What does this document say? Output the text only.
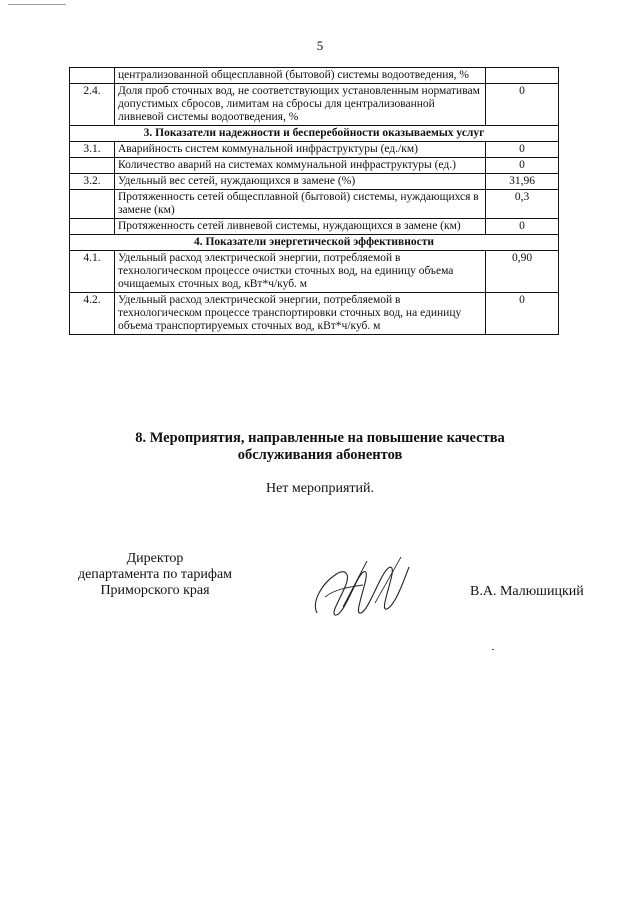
5
	централизованной общесплавной (бытовой) системы водоотведения, %	
2.4.	Доля проб сточных вод, не соответствующих установленным нормативам допустимых сбросов, лимитам на сбросы для централизованной ливневой системы водоотведения, %	0
3. Показатели надежности и бесперебойности оказываемых услуг		
3.1.	Аварийность систем коммунальной инфраструктуры (ед./км)	0
	Количество аварий на системах коммунальной инфраструктуры (ед.)	0
3.2.	Удельный вес сетей, нуждающихся в замене (%)	31,96
	Протяженность сетей общесплавной (бытовой) системы, нуждающихся в замене (км)	0,3
	Протяженность сетей ливневой системы, нуждающихся в замене (км)	0
4. Показатели энергетической эффективности		
4.1.	Удельный расход электрической энергии, потребляемой в технологическом процессе очистки сточных вод, на единицу объема очищаемых сточных вод, кВт*ч/куб. м	0,90
4.2.	Удельный расход электрической энергии, потребляемой в технологическом процессе транспортировки сточных вод, на единицу объема транспортируемых сточных вод, кВт*ч/куб. м	0
8. Мероприятия, направленные на повышение качества
обслуживания абонентов
Нет мероприятий.
Директор
департамента по тарифам
Приморского края	В.А. Малюшицкий
